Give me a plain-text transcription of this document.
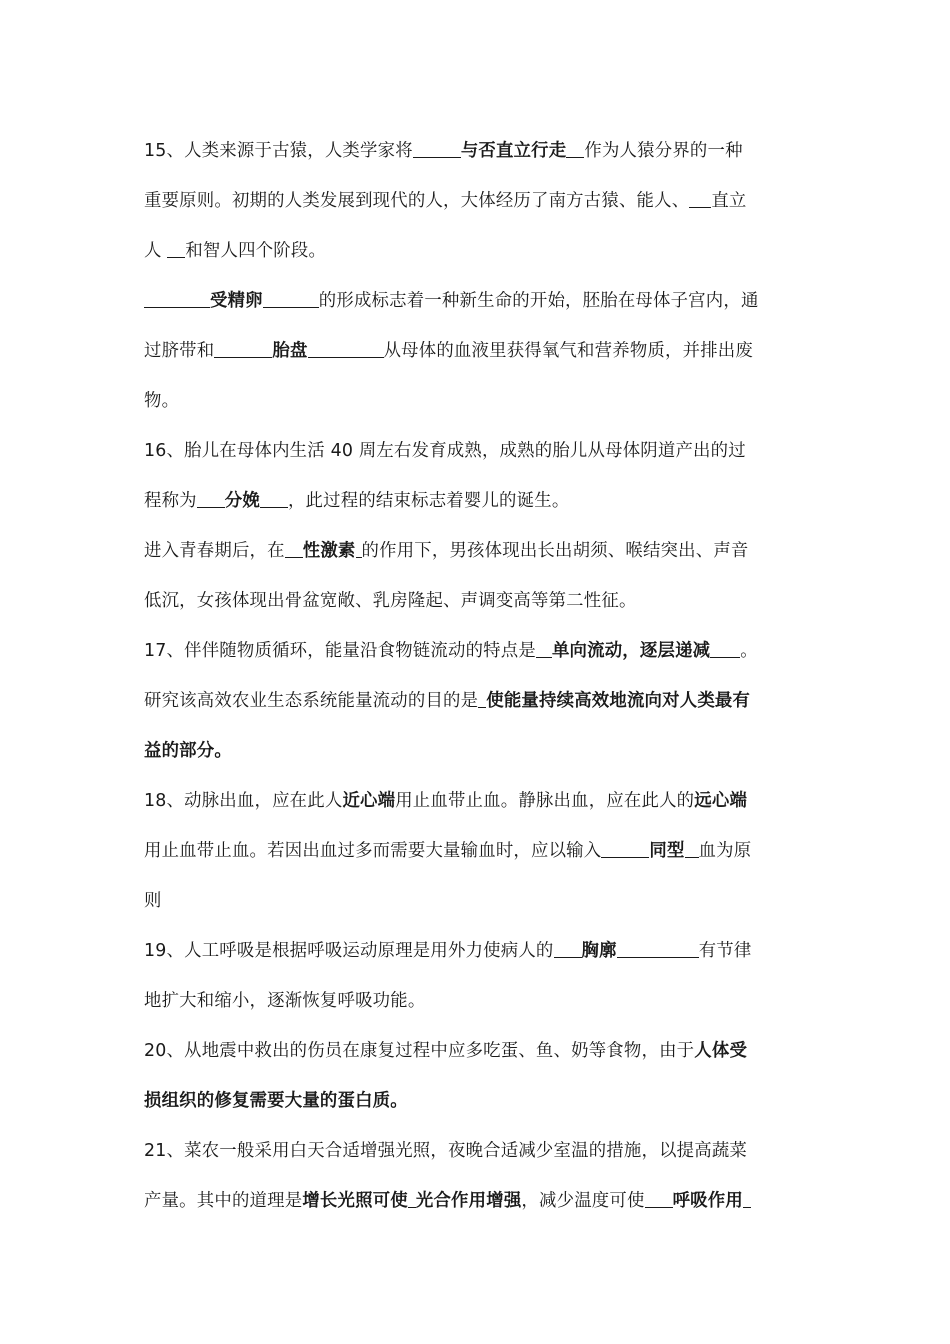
15、人类来源于古猿，人类学家将	与否直立行走 作为人猿分界的一种
重要原则。初期的人类发展到现代的人，大体经历了南方古猿、能人、 直立
人 和智人四个阶段。
受精卵	的形成标志着一种新生命的开始，胚胎在母体子宫内，通
过脐带和	胎盘	从母体的血液里获得氧气和营养物质，并排出废
物。
16、胎儿在母体内生活 40 周左右发育成熟，成熟的胎儿从母体阴道产出的过
程称为 分娩 ，此过程的结束标志着婴儿的诞生。
进入青春期后，在 性激素 的作用下，男孩体现出长出胡须、喉结突出、声音
低沉，女孩体现出骨盆宽敞、乳房隆起、声调变高等第二性征。
17、伴伴随物质循环，能量沿食物链流动的特点是 单向流动，逐层递减 。
研究该高效农业生态系统能量流动的目的是 使能量持续高效地流向对人类最有
益的部分。
18、动脉出血，应在此人近心端用止血带止血。静脉出血，应在此人的远心端
用止血带止血。若因出血过多而需要大量输血时，应以输入	同型 血为原
则
19、人工呼吸是根据呼吸运动原理是用外力使病人的 胸廓	有节律
地扩大和缩小，逐渐恢复呼吸功能。
20、从地震中救出的伤员在康复过程中应多吃蛋、鱼、奶等食物，由于人体受
损组织的修复需要大量的蛋白质。
21、菜农一般采用白天合适增强光照，夜晚合适减少室温的措施，以提高蔬菜
产量。其中的道理是增长光照可使 光合作用增强，减少温度可使 呼吸作用
